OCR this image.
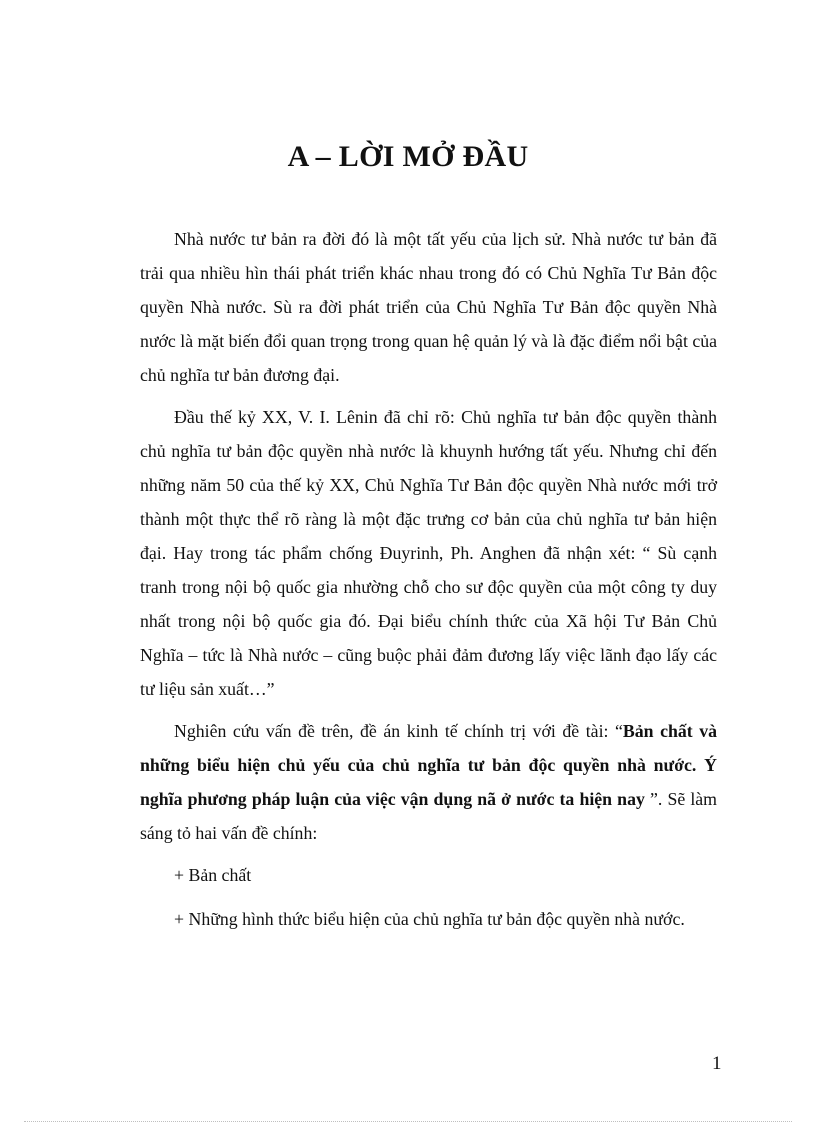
A – LỜI MỞ ĐẦU

Nhà nước tư bản ra đời đó là một tất yếu của lịch sử. Nhà nước tư bản đã trải qua nhiều hìn thái phát triển khác nhau trong đó có Chủ Nghĩa Tư Bản độc quyền Nhà nước. Sù ra đời phát triển của Chủ Nghĩa Tư Bản độc quyền Nhà nước là mặt biến đổi quan trọng trong quan hệ quản lý và là đặc điểm nổi bật của chủ nghĩa tư bản đương đại.

Đầu thế kỷ XX, V. I. Lênin đã chỉ rõ: Chủ nghĩa tư bản độc quyền thành chủ nghĩa tư bản độc quyền nhà nước là khuynh hướng tất yếu. Nhưng chỉ đến những năm 50 của thế kỷ XX, Chủ Nghĩa Tư Bản độc quyền Nhà nước mới trở thành một thực thể rõ ràng là một đặc trưng cơ bản của chủ nghĩa tư bản hiện đại. Hay trong tác phẩm chống Đuyrinh, Ph. Anghen đã nhận xét: “ Sù cạnh tranh trong nội bộ quốc gia nhường chỗ cho sư độc quyền của một công ty duy nhất trong nội bộ quốc gia đó. Đại biểu chính thức của Xã hội Tư Bản Chủ Nghĩa – tức là Nhà nước – cũng buộc phải đảm đương lấy việc lãnh đạo lấy các tư liệu sản xuất…”

Nghiên cứu vấn đề trên, đề án kinh tế chính trị với đề tài: “Bản chất và những biểu hiện chủ yếu của chủ nghĩa tư bản độc quyền nhà nước. Ý nghĩa phương pháp luận của việc vận dụng nã ở nước ta hiện nay ”. Sẽ làm sáng tỏ hai vấn đề chính:

+ Bản chất

+ Những hình thức biểu hiện của chủ nghĩa tư bản độc quyền nhà nước.

1
